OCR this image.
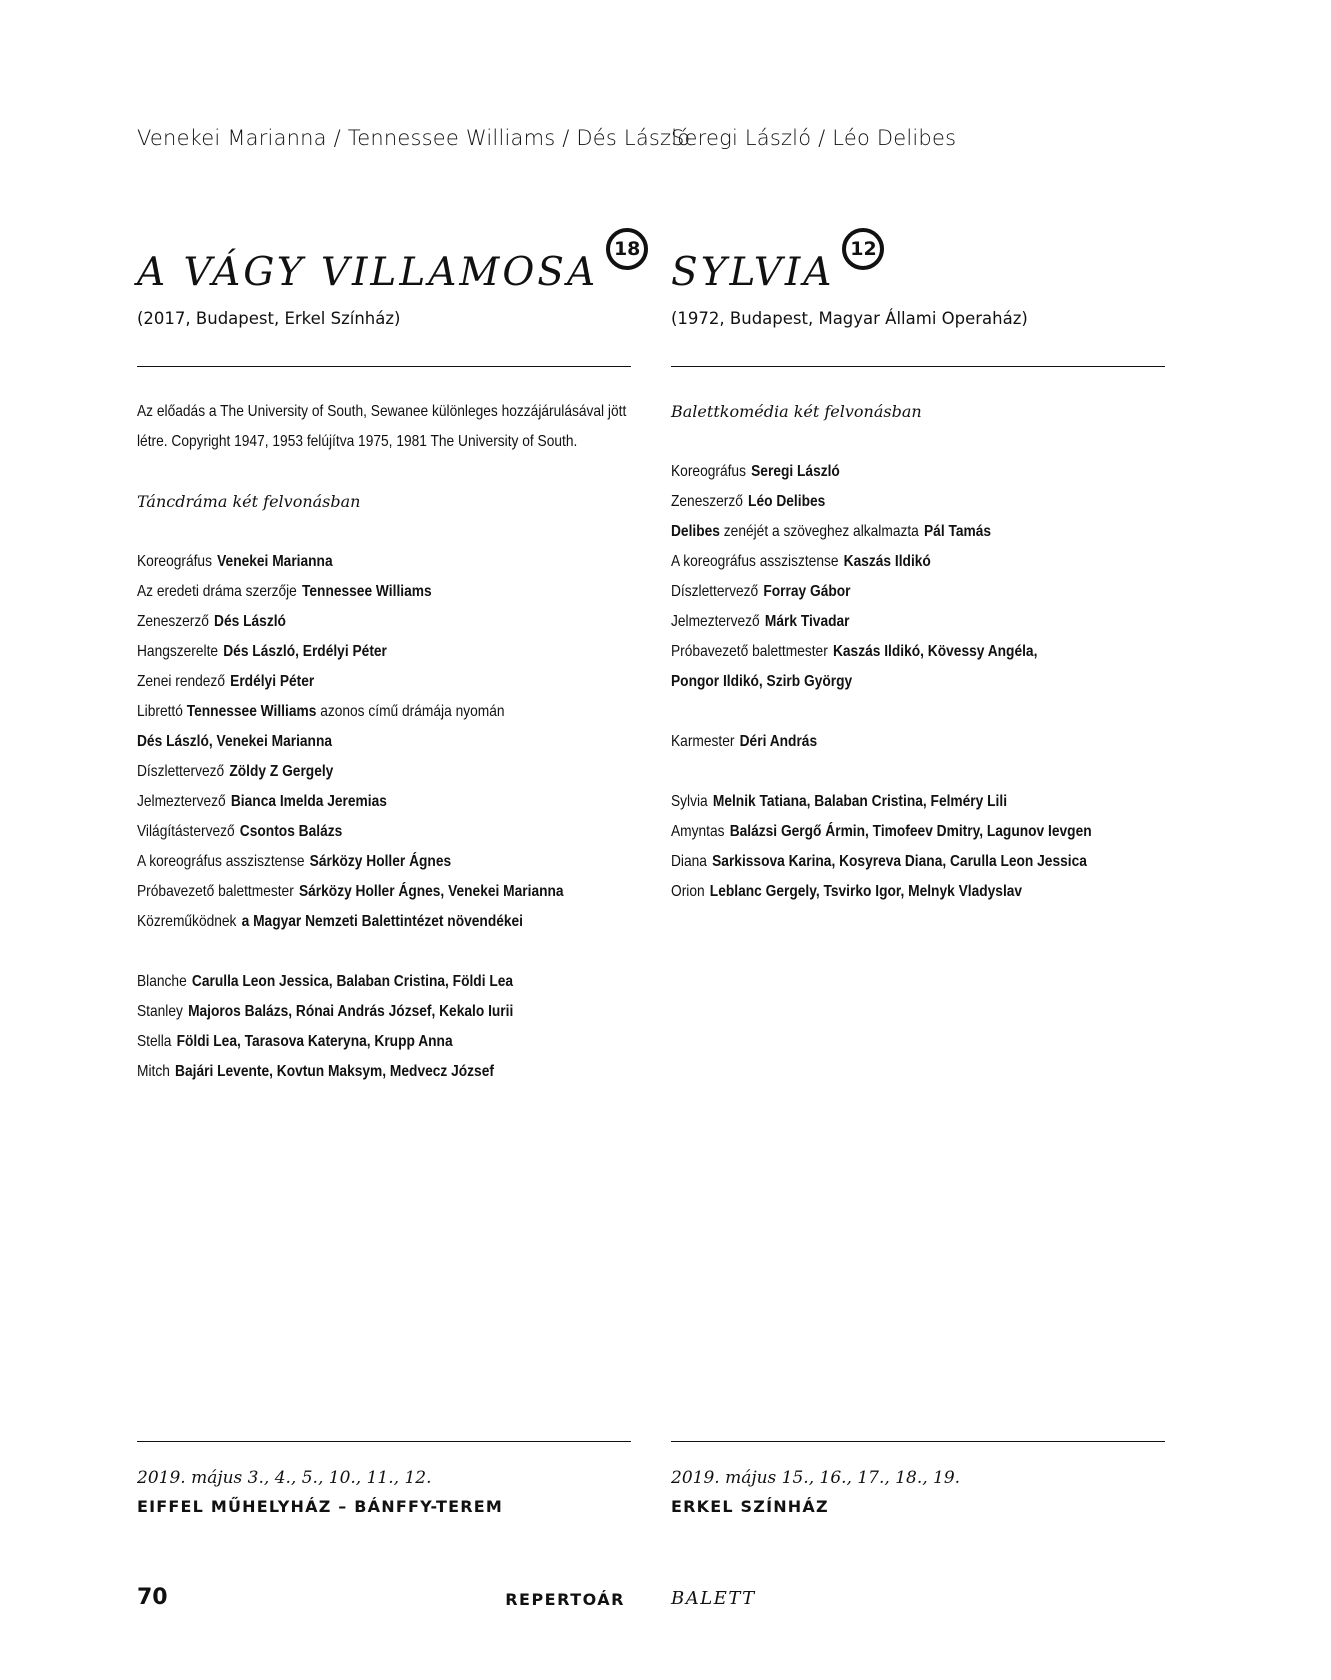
Venekei Marianna / Tennessee Williams / Dés László
A VÁGY VILLAMOSA18
(2017, Budapest, Erkel Színház)
Az előadás a The University of South, Sewanee különleges hozzájárulásával jött
létre. Copyright 1947, 1953 felújítva 1975, 1981 The University of South.
Táncdráma két felvonásban
Koreográfus Venekei Marianna
Az eredeti dráma szerzője Tennessee Williams
Zeneszerző Dés László
Hangszerelte Dés László, Erdélyi Péter
Zenei rendező Erdélyi Péter
Librettó Tennessee Williams azonos című drámája nyomán
Dés László, Venekei Marianna
Díszlettervező Zöldy Z Gergely
Jelmeztervező Bianca Imelda Jeremias
Világítástervező Csontos Balázs
A koreográfus asszisztense Sárközy Holler Ágnes
Próbavezető balettmester Sárközy Holler Ágnes, Venekei Marianna
Közreműködnek a Magyar Nemzeti Balettintézet növendékei
Blanche Carulla Leon Jessica, Balaban Cristina, Földi Lea
Stanley Majoros Balázs, Rónai András József, Kekalo Iurii
Stella Földi Lea, Tarasova Kateryna, Krupp Anna
Mitch Bajári Levente, Kovtun Maksym, Medvecz József
2019. május 3., 4., 5., 10., 11., 12.
EIFFEL MŰHELYHÁZ – BÁNFFY-TEREM
Seregi László / Léo Delibes
SYLVIA12
(1972, Budapest, Magyar Állami Operaház)
Balettkomédia két felvonásban
Koreográfus Seregi László
Zeneszerző Léo Delibes
Delibes zenéjét a szöveghez alkalmazta Pál Tamás
A koreográfus asszisztense Kaszás Ildikó
Díszlettervező Forray Gábor
Jelmeztervező Márk Tivadar
Próbavezető balettmester Kaszás Ildikó, Kövessy Angéla,
Pongor Ildikó, Szirb György
Karmester Déri András
Sylvia Melnik Tatiana, Balaban Cristina, Felméry Lili
Amyntas Balázsi Gergő Ármin, Timofeev Dmitry, Lagunov Ievgen
Diana Sarkissova Karina, Kosyreva Diana, Carulla Leon Jessica
Orion Leblanc Gergely, Tsvirko Igor, Melnyk Vladyslav
2019. május 15., 16., 17., 18., 19.
ERKEL SZÍNHÁZ
70	REPERTOÁR	BALETT
